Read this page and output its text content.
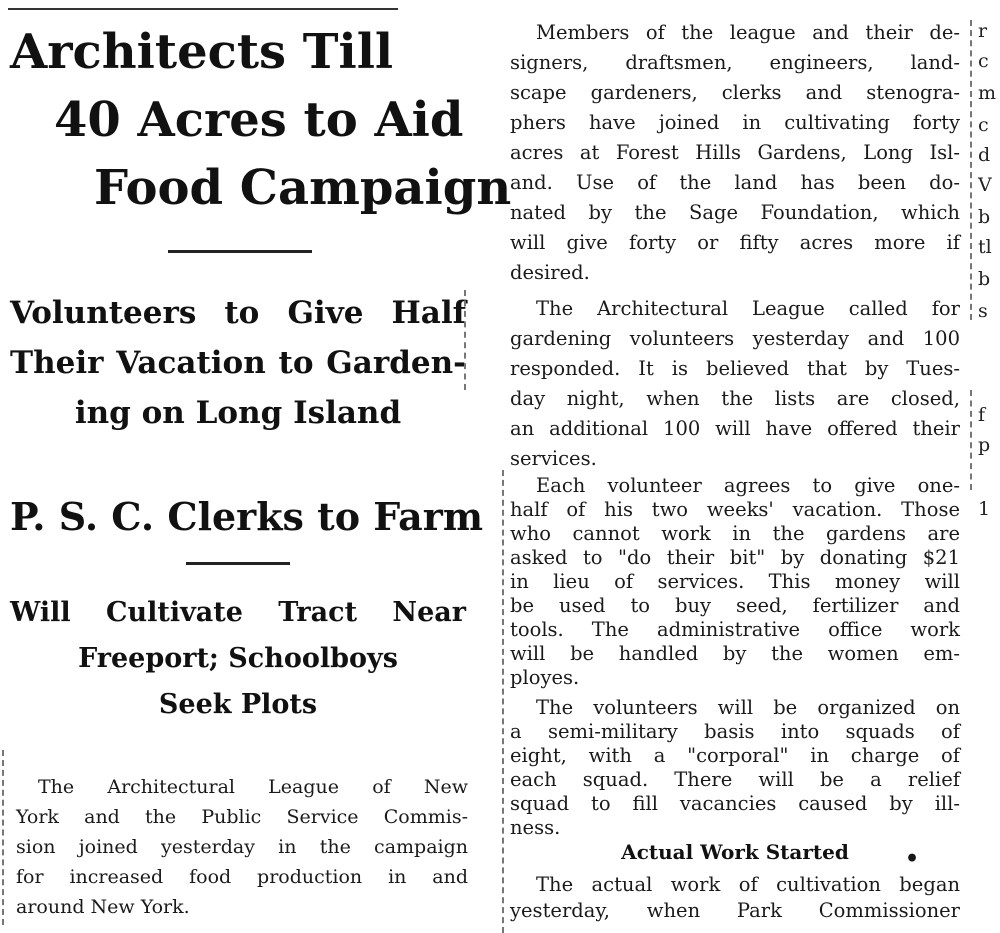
Architects Till
40 Acres to Aid
Food Campaign
Volunteers to Give Half
Their Vacation to Garden-
ing on Long Island
P. S. C. Clerks to Farm
Will Cultivate Tract Near
Freeport; Schoolboys
Seek Plots
The Architectural League of New
York and the Public Service Commis-
sion joined yesterday in the campaign
for increased food production in and
around New York.
Members of the league and their de-
signers, draftsmen, engineers, land-
scape gardeners, clerks and stenogra-
phers have joined in cultivating forty
acres at Forest Hills Gardens, Long Isl-
and. Use of the land has been do-
nated by the Sage Foundation, which
will give forty or fifty acres more if
desired.
The Architectural League called for
gardening volunteers yesterday and 100
responded. It is believed that by Tues-
day night, when the lists are closed,
an additional 100 will have offered their
services.
Each volunteer agrees to give one-
half of his two weeks' vacation. Those
who cannot work in the gardens are
asked to "do their bit" by donating $21
in lieu of services. This money will
be used to buy seed, fertilizer and
tools. The administrative office work
will be handled by the women em-
ployes.
The volunteers will be organized on
a semi-military basis into squads of
eight, with a "corporal" in charge of
each squad. There will be a relief
squad to fill vacancies caused by ill-
ness.
Actual Work Started
The actual work of cultivation began
yesterday, when Park Commissioner
•
r
c
m
c
d
V
b
tl
b
s
f
p
1
